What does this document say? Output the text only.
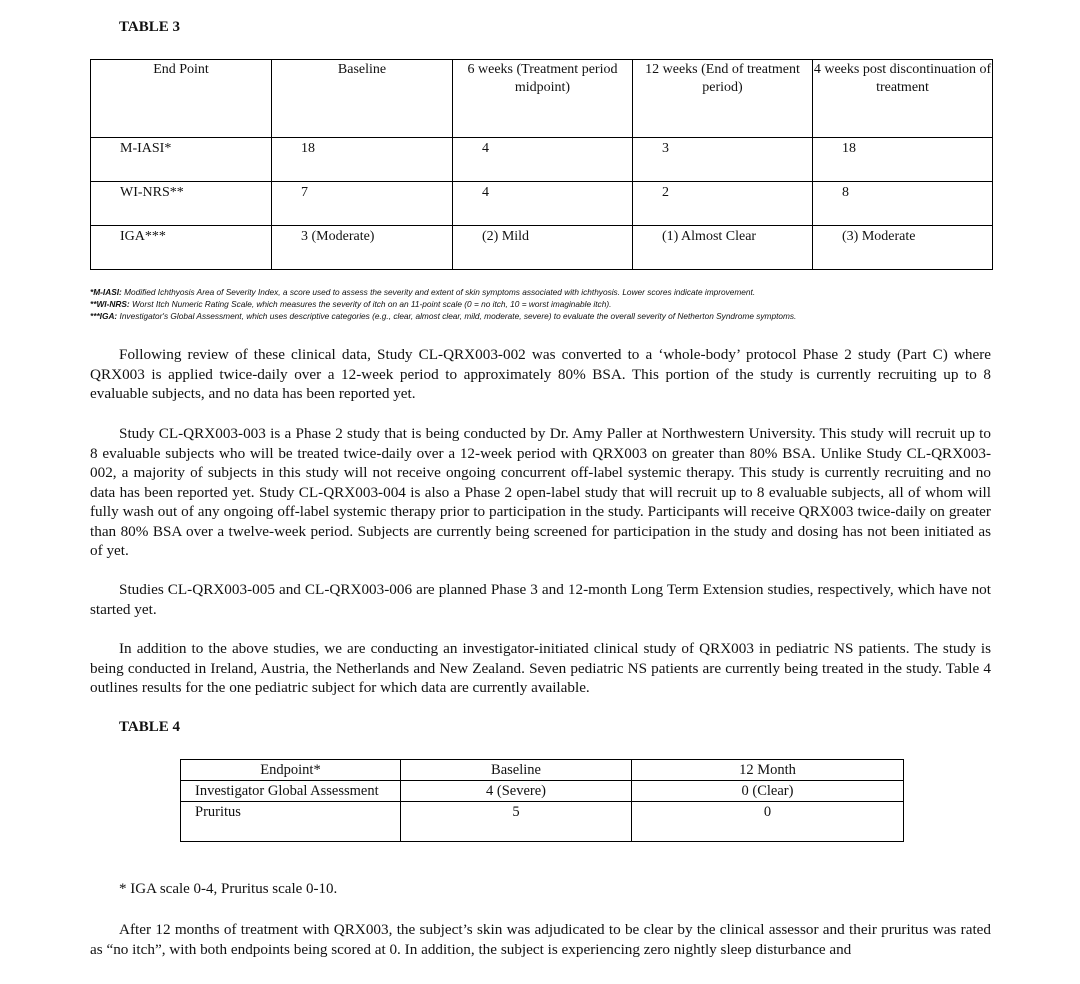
TABLE 3
End Point	Baseline	6 weeks (Treatment period midpoint)	12 weeks (End of treatment period)	4 weeks post discontinuation of treatment
M-IASI*	18	4	3	18
WI-NRS**	7	4	2	8
IGA***	3 (Moderate)	(2) Mild	(1) Almost Clear	(3) Moderate
*M-IASI: Modified Ichthyosis Area of Severity Index, a score used to assess the severity and extent of skin symptoms associated with ichthyosis. Lower scores indicate improvement.
**WI-NRS: Worst Itch Numeric Rating Scale, which measures the severity of itch on an 11-point scale (0 = no itch, 10 = worst imaginable itch).
***IGA: Investigator's Global Assessment, which uses descriptive categories (e.g., clear, almost clear, mild, moderate, severe) to evaluate the overall severity of Netherton Syndrome symptoms.

Following review of these clinical data, Study CL-QRX003-002 was converted to a ‘whole-body’ protocol Phase 2 study (Part C) where QRX003 is applied twice-daily over a 12-week period to approximately 80% BSA. This portion of the study is currently recruiting up to 8 evaluable subjects, and no data has been reported yet.

Study CL-QRX003-003 is a Phase 2 study that is being conducted by Dr. Amy Paller at Northwestern University. This study will recruit up to 8 evaluable subjects who will be treated twice-daily over a 12-week period with QRX003 on greater than 80% BSA. Unlike Study CL-QRX003-002, a majority of subjects in this study will not receive ongoing concurrent off-label systemic therapy. This study is currently recruiting and no data has been reported yet. Study CL-QRX003-004 is also a Phase 2 open-label study that will recruit up to 8 evaluable subjects, all of whom will fully wash out of any ongoing off-label systemic therapy prior to participation in the study. Participants will receive QRX003 twice-daily on greater than 80% BSA over a twelve-week period. Subjects are currently being screened for participation in the study and dosing has not been initiated as of yet.

Studies CL-QRX003-005 and CL-QRX003-006 are planned Phase 3 and 12-month Long Term Extension studies, respectively, which have not started yet.

In addition to the above studies, we are conducting an investigator-initiated clinical study of QRX003 in pediatric NS patients. The study is being conducted in Ireland, Austria, the Netherlands and New Zealand. Seven pediatric NS patients are currently being treated in the study. Table 4 outlines results for the one pediatric subject for which data are currently available.

TABLE 4
Endpoint*	Baseline	12 Month
Investigator Global Assessment	4 (Severe)	0 (Clear)
Pruritus	5	0
* IGA scale 0-4, Pruritus scale 0-10.

After 12 months of treatment with QRX003, the subject’s skin was adjudicated to be clear by the clinical assessor and their pruritus was rated as “no itch”, with both endpoints being scored at 0. In addition, the subject is experiencing zero nightly sleep disturbance and
